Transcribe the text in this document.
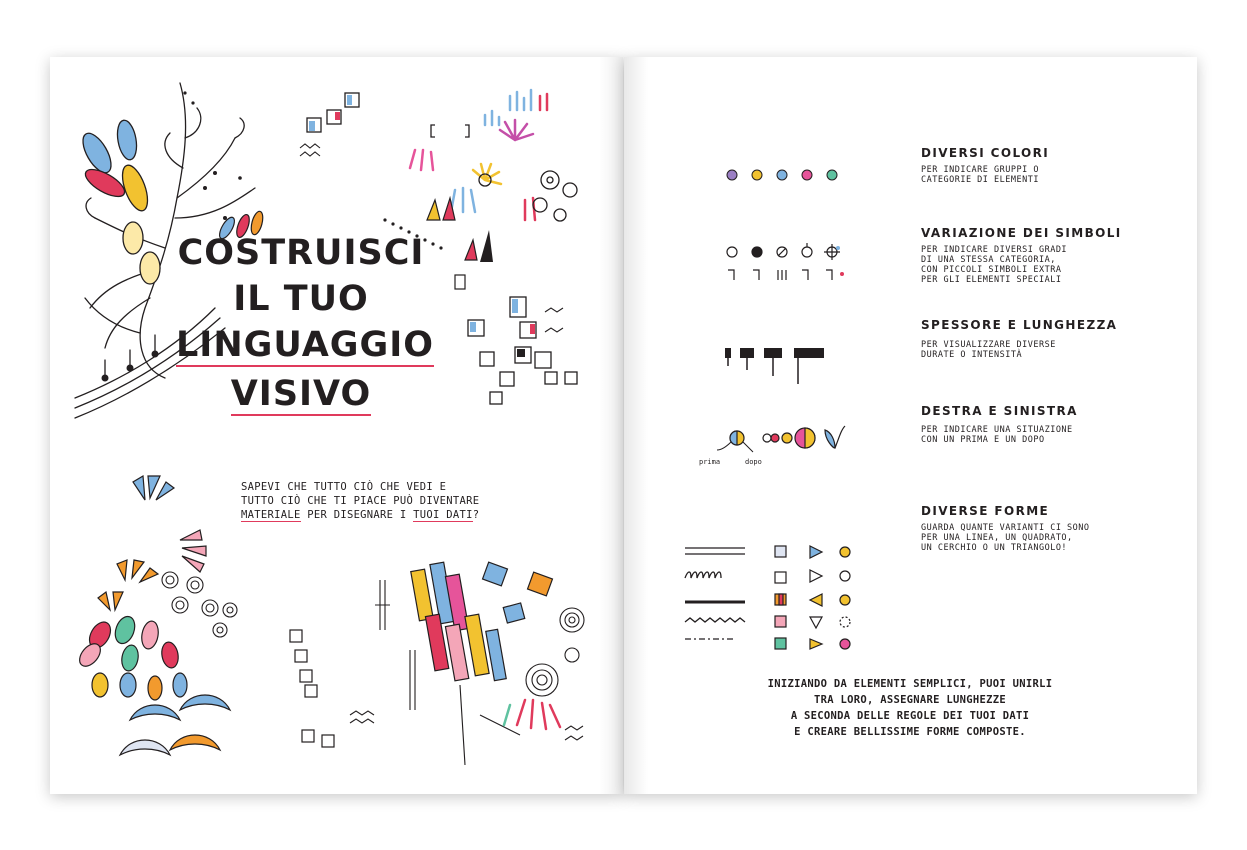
COSTRUISCI
IL TUO
LINGUAGGIO
VISIVO
SAPEVI CHE TUTTO CIÒ CHE VEDI E
TUTTO CIÒ CHE TI PIACE PUÒ DIVENTARE
MATERIALE PER DISEGNARE I TUOI DATI?
prima	dopo
DIVERSI COLORI
PER INDICARE GRUPPI O
CATEGORIE DI ELEMENTI
VARIAZIONE DEI SIMBOLI
PER INDICARE DIVERSI GRADI
DI UNA STESSA CATEGORIA,
CON PICCOLI SIMBOLI EXTRA
PER GLI ELEMENTI SPECIALI
SPESSORE E LUNGHEZZA
PER VISUALIZZARE DIVERSE
DURATE O INTENSITÀ
DESTRA E SINISTRA
PER INDICARE UNA SITUAZIONE
CON UN PRIMA E UN DOPO
DIVERSE FORME
GUARDA QUANTE VARIANTI CI SONO
PER UNA LINEA, UN QUADRATO,
UN CERCHIO O UN TRIANGOLO!
INIZIANDO DA ELEMENTI SEMPLICI, PUOI UNIRLI
TRA LORO, ASSEGNARE LUNGHEZZE
A SECONDA DELLE REGOLE DEI TUOI DATI
E CREARE BELLISSIME FORME COMPOSTE.
